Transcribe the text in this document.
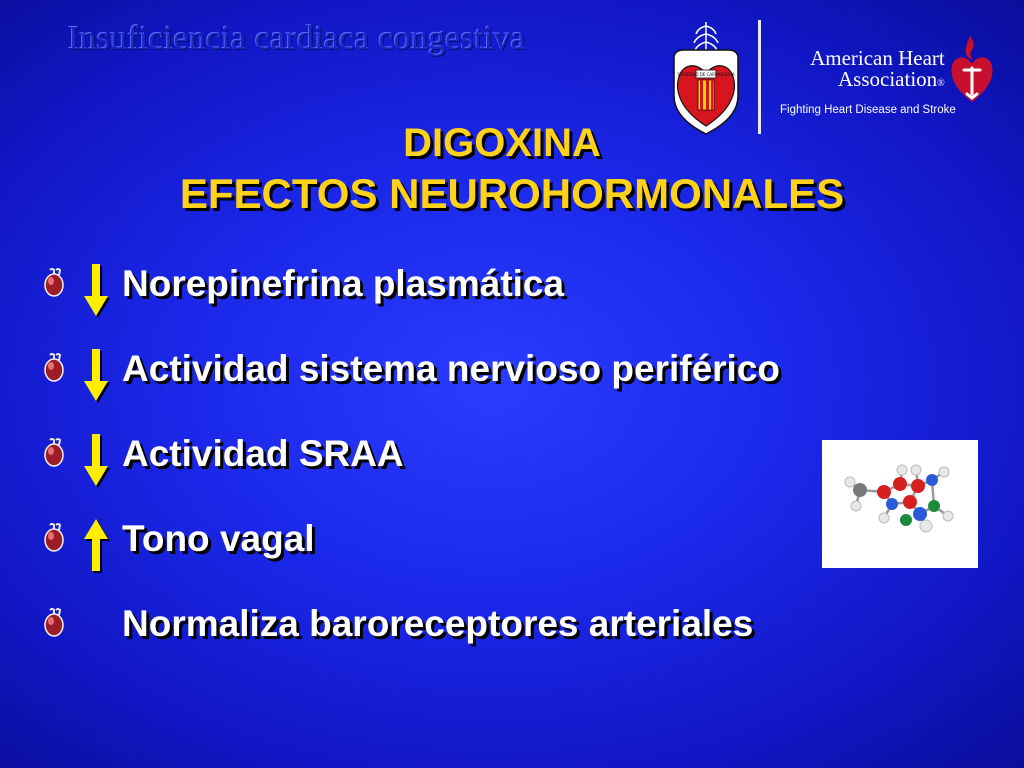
Insuficiencia cardiaca congestiva
SOCIEDAD DE CARDIOLOGIA
American Heart

Association®
Fighting Heart Disease and Stroke
DIGOXINA
EFECTOS NEUROHORMONALES
Norepinefrina plasmática
Actividad sistema nervioso periférico
Actividad SRAA
Tono vagal
Normaliza baroreceptores arteriales
